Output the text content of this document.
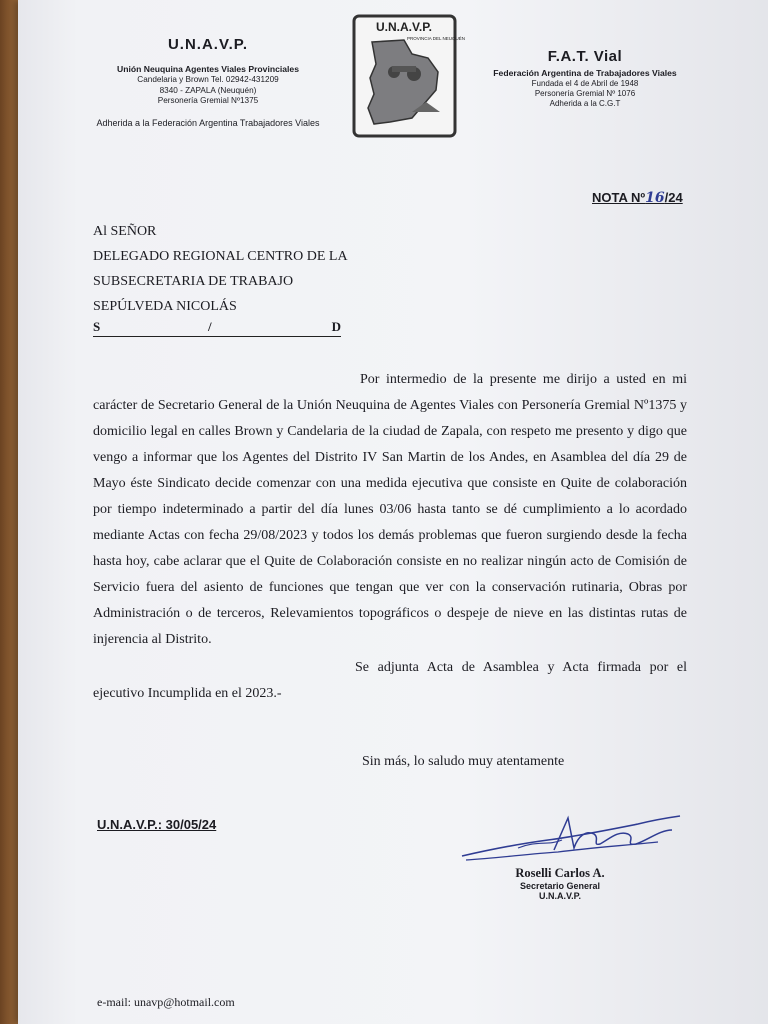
U.N.A.V.P.
Unión Neuquina Agentes Viales Provinciales
Candelaria y Brown Tel. 02942-431209
8340 - ZAPALA (Neuquén)
Personería Gremial Nº1375
Adherida a la Federación Argentina Trabajadores Viales
U.N.A.V.P.
PROVINCIA DEL NEUQUÉN
F.A.T. Vial
Federación Argentina de Trabajadores Viales
Fundada el 4 de Abril de 1948
Personería Gremial Nº 1076
Adherida a la C.G.T
NOTA Nº16/24
Al SEÑOR
DELEGADO REGIONAL CENTRO DE LA
SUBSECRETARIA DE TRABAJO
SEPÚLVEDA NICOLÁS
S	/	D

Por intermedio de la presente me dirijo a usted en mi carácter de Secretario General de la Unión Neuquina de Agentes Viales con Personería Gremial Nº1375 y domicilio legal en calles Brown y Candelaria de la ciudad de Zapala, con respeto me presento y digo que vengo a informar que los Agentes del Distrito IV San Martin de los Andes, en Asamblea del día 29 de Mayo éste Sindicato decide comenzar con una medida ejecutiva que consiste en Quite de colaboración por tiempo indeterminado a partir del día lunes 03/06 hasta tanto se dé cumplimiento a lo acordado mediante Actas con fecha 29/08/2023 y todos los demás problemas que fueron surgiendo desde la fecha hasta hoy, cabe aclarar que el Quite de Colaboración consiste en no realizar ningún acto de Comisión de Servicio fuera del asiento de funciones que tengan que ver con la conservación rutinaria, Obras por Administración o de terceros, Relevamientos topográficos o despeje de nieve en las distintas rutas de injerencia al Distrito.

Se adjunta Acta de Asamblea y Acta firmada por el ejecutivo Incumplida en el 2023.-

Sin más, lo saludo muy atentamente
U.N.A.V.P.: 30/05/24
Roselli Carlos A.
Secretario General
U.N.A.V.P.
e-mail: unavp@hotmail.com
